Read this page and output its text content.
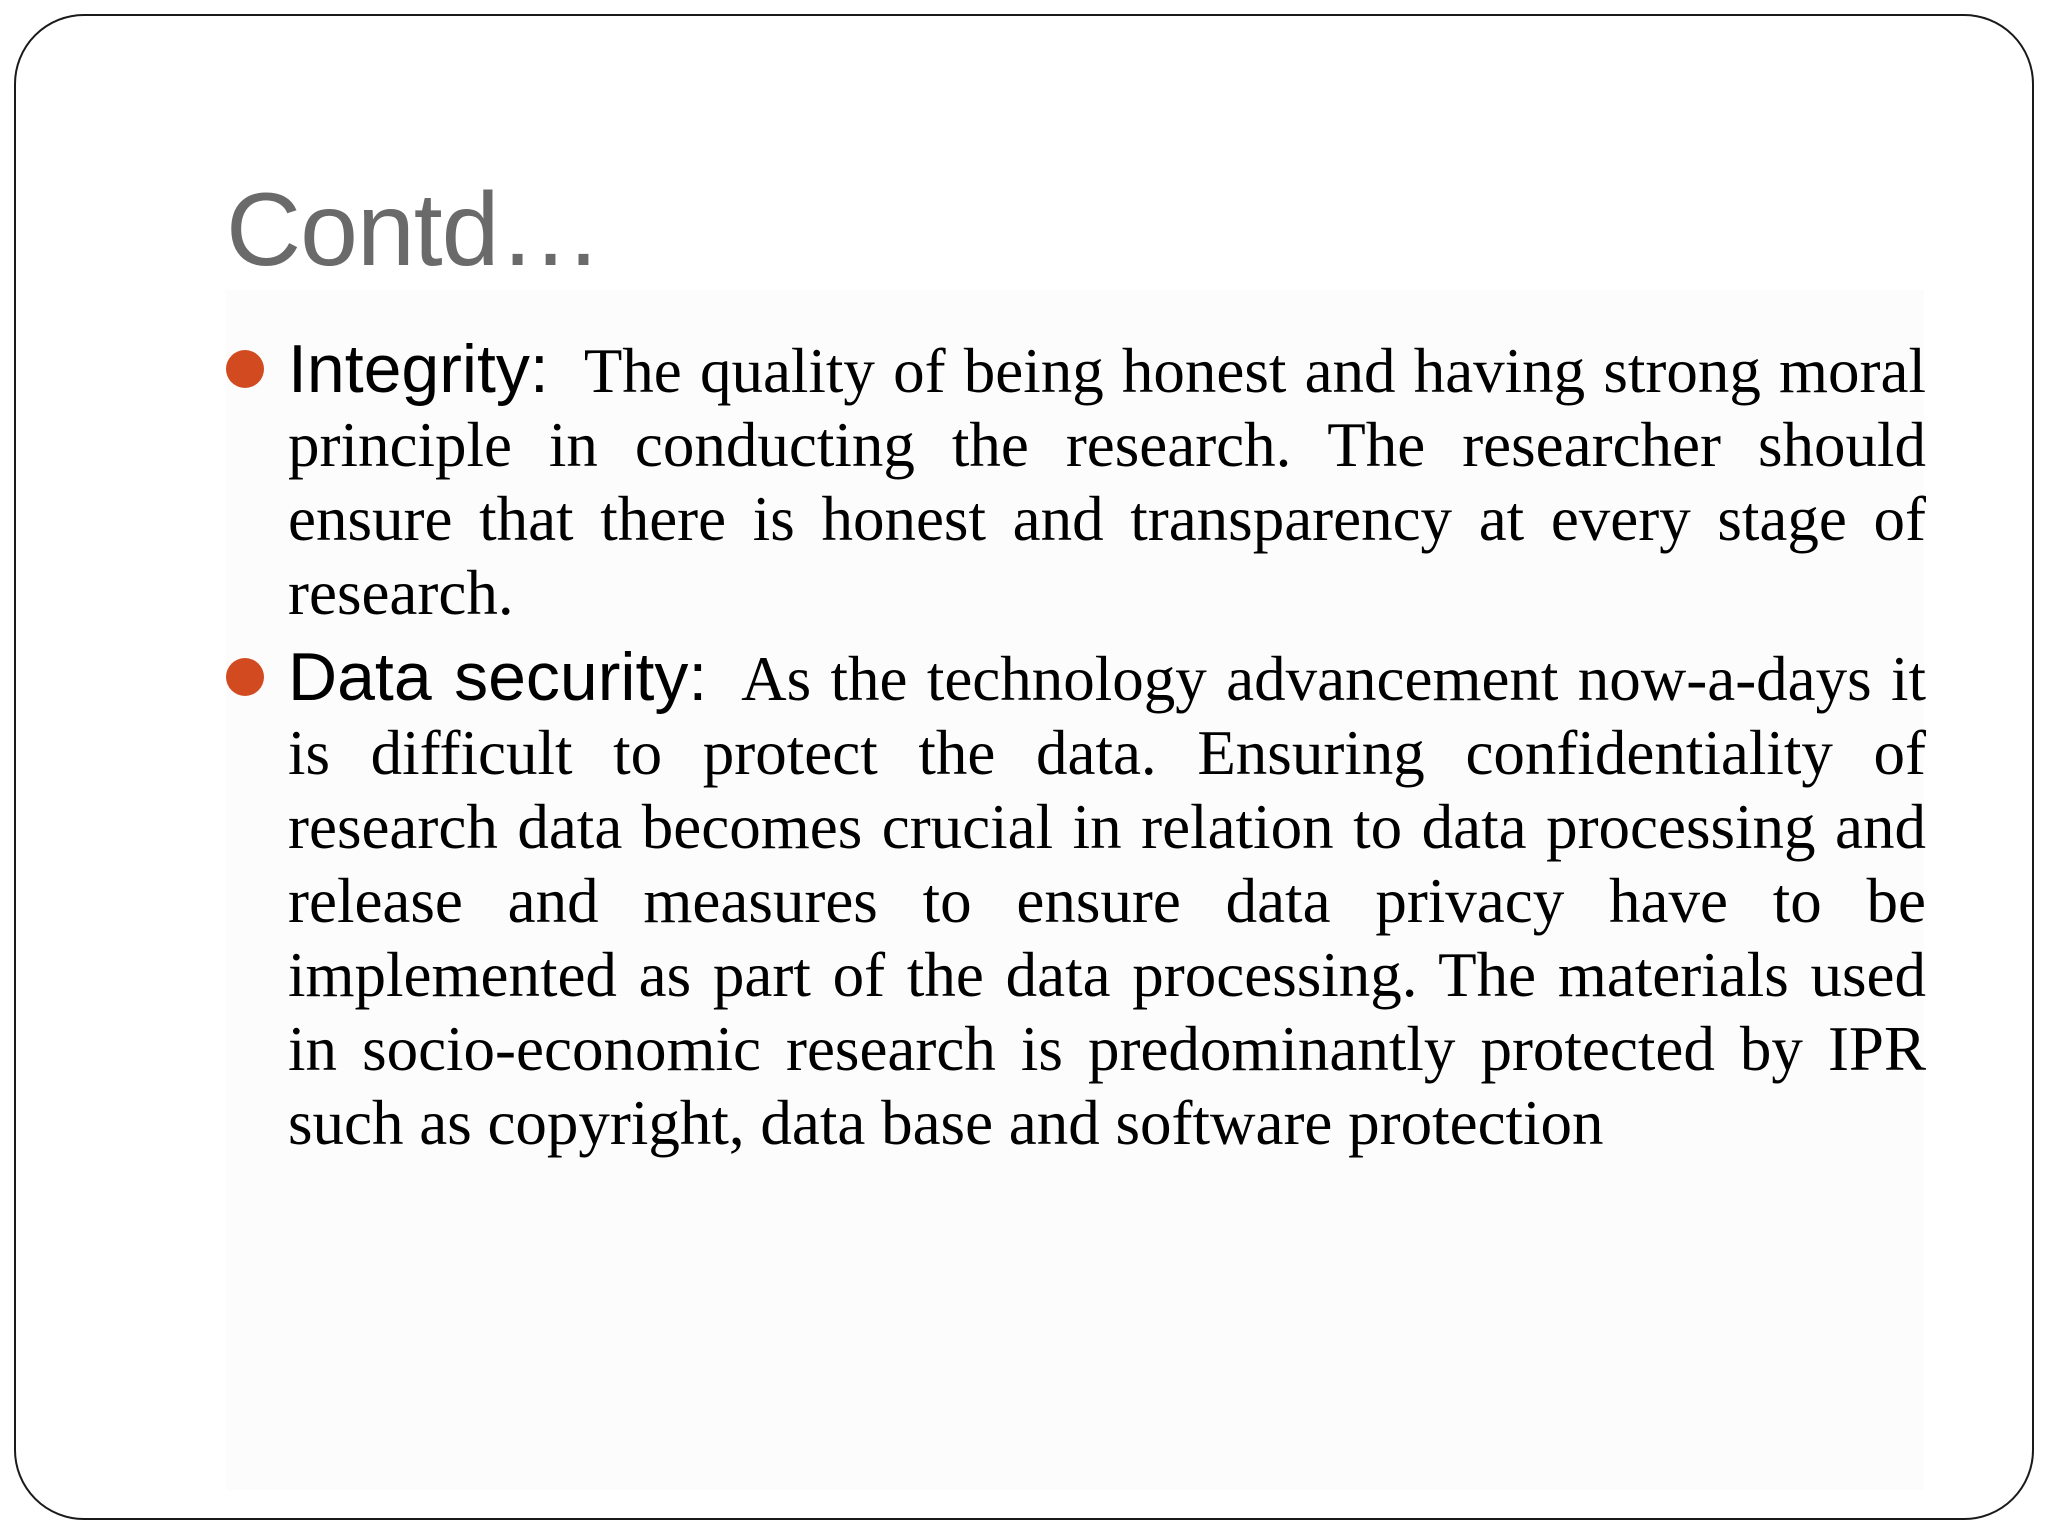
Contd…
Integrity: The quality of being honest and having strong moral principle in conducting the research. The researcher should ensure that there is honest and transparency at every stage of research.
Data security: As the technology advancement now-a-days it is difficult to protect the data. Ensuring confidentiality of research data becomes crucial in relation to data processing and release and measures to ensure data privacy have to be implemented as part of the data processing. The materials used in socio-economic research is predominantly protected by IPR such as copyright, data base and software protection
